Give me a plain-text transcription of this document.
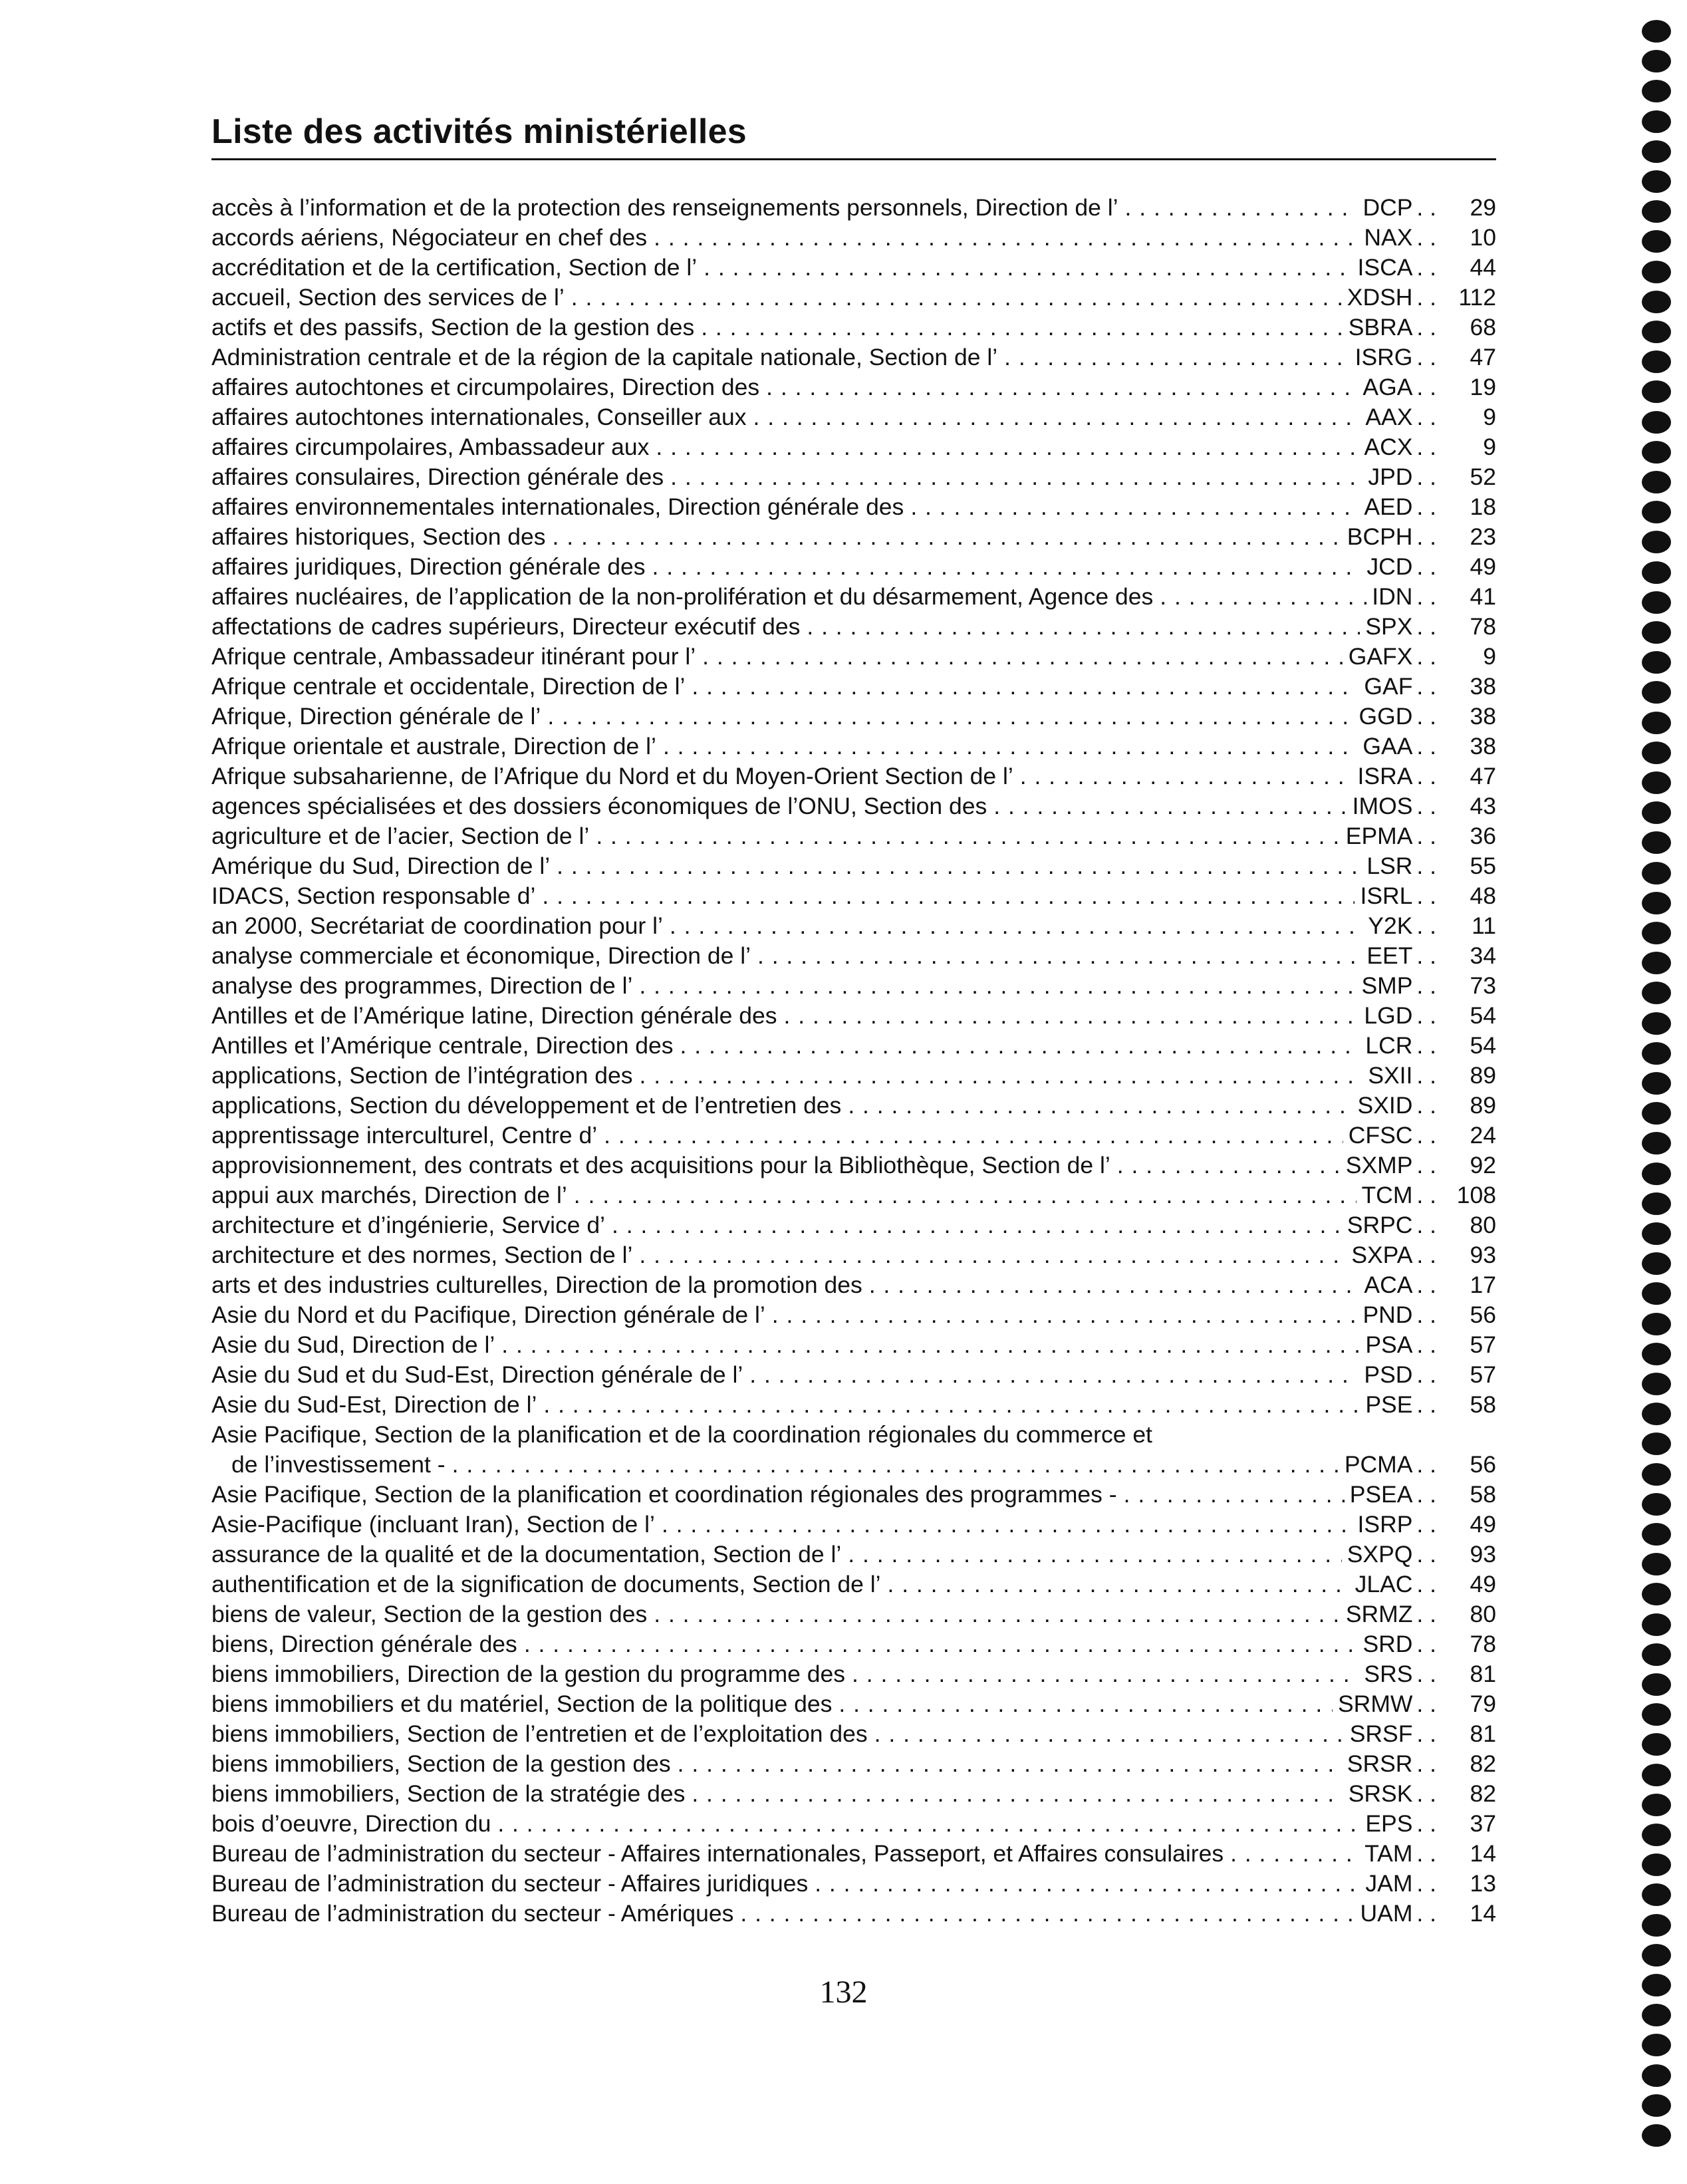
Liste des activités ministérielles
accès à l’information et de la protection des renseignements personnels, Direction de l’ . . .	DCP . .	29
accords aériens, Négociateur en chef des . . .	NAX . .	10
accréditation et de la certification, Section de l’ . . .	ISCA . .	44
accueil, Section des services de l’ . . .	XDSH . . 112
actifs et des passifs, Section de la gestion des . . .	SBRA . .	68
Administration centrale et de la région de la capitale nationale, Section de l’ . . .	ISRG . .	47
affaires autochtones et circumpolaires, Direction des . . .	AGA . .	19
affaires autochtones internationales, Conseiller aux . . .	AAX . .	9
affaires circumpolaires, Ambassadeur aux . . .	ACX . .	9
affaires consulaires, Direction générale des . . .	JPD . .	52
affaires environnementales internationales, Direction générale des . . .	AED . .	18
affaires historiques, Section des . . .	BCPH . .	23
affaires juridiques, Direction générale des . . .	JCD . .	49
affaires nucléaires, de l’application de la non-prolifération et du désarmement, Agence des . . .	IDN . .	41
affectations de cadres supérieurs, Directeur exécutif des . . .	SPX . .	78
Afrique centrale, Ambassadeur itinérant pour l’ . . .	GAFX . .	9
Afrique centrale et occidentale, Direction de l’ . . .	GAF . .	38
Afrique, Direction générale de l’ . . .	GGD . .	38
Afrique orientale et australe, Direction de l’ . . .	GAA . .	38
Afrique subsaharienne, de l’Afrique du Nord et du Moyen-Orient Section de l’ . . .	ISRA . .	47
agences spécialisées et des dossiers économiques de l’ONU, Section des . . .	IMOS . .	43
agriculture et de l’acier, Section de l’ . . .	EPMA . .	36
Amérique du Sud, Direction de l’ . . .	LSR . .	55
IDACS, Section responsable d’ . . .	ISRL . .	48
an 2000, Secrétariat de coordination pour l’ . . .	Y2K . .	11
analyse commerciale et économique, Direction de l’ . . .	EET . .	34
analyse des programmes, Direction de l’ . . .	SMP . .	73
Antilles et de l’Amérique latine, Direction générale des . . .	LGD . .	54
Antilles et l’Amérique centrale, Direction des . . .	LCR . .	54
applications, Section de l’intégration des . . .	SXII . .	89
applications, Section du développement et de l’entretien des . . .	SXID . .	89
apprentissage interculturel, Centre d’ . . .	CFSC . .	24
approvisionnement, des contrats et des acquisitions pour la Bibliothèque, Section de l’ . . .	SXMP . .	92
appui aux marchés, Direction de l’ . . .	TCM . . 108
architecture et d’ingénierie, Service d’ . . .	SRPC . .	80
architecture et des normes, Section de l’ . . .	SXPA . .	93
arts et des industries culturelles, Direction de la promotion des . . .	ACA . .	17
Asie du Nord et du Pacifique, Direction générale de l’ . . .	PND . .	56
Asie du Sud, Direction de l’ . . .	PSA . .	57
Asie du Sud et du Sud-Est, Direction générale de l’ . . .	PSD . .	57
Asie du Sud-Est, Direction de l’ . . .	PSE . .	58
Asie Pacifique, Section de la planification et de la coordination régionales du commerce et
de l’investissement - . . .	PCMA . .	56
Asie Pacifique, Section de la planification et coordination régionales des programmes - . . .	PSEA . .	58
Asie-Pacifique (incluant Iran), Section de l’ . . .	ISRP . .	49
assurance de la qualité et de la documentation, Section de l’ . . .	SXPQ . .	93
authentification et de la signification de documents, Section de l’ . . .	JLAC . .	49
biens de valeur, Section de la gestion des . . .	SRMZ . .	80
biens, Direction générale des . . .	SRD . .	78
biens immobiliers, Direction de la gestion du programme des . . .	SRS . .	81
biens immobiliers et du matériel, Section de la politique des . . .	SRMW . .	79
biens immobiliers, Section de l’entretien et de l’exploitation des . . .	SRSF . .	81
biens immobiliers, Section de la gestion des . . .	SRSR . .	82
biens immobiliers, Section de la stratégie des . . .	SRSK . .	82
bois d’oeuvre, Direction du . . .	EPS . .	37
Bureau de l’administration du secteur - Affaires internationales, Passeport, et Affaires consulaires . . .	TAM . .	14
Bureau de l’administration du secteur - Affaires juridiques . . .	JAM . .	13
Bureau de l’administration du secteur - Amériques . . .	UAM . .	14
132
